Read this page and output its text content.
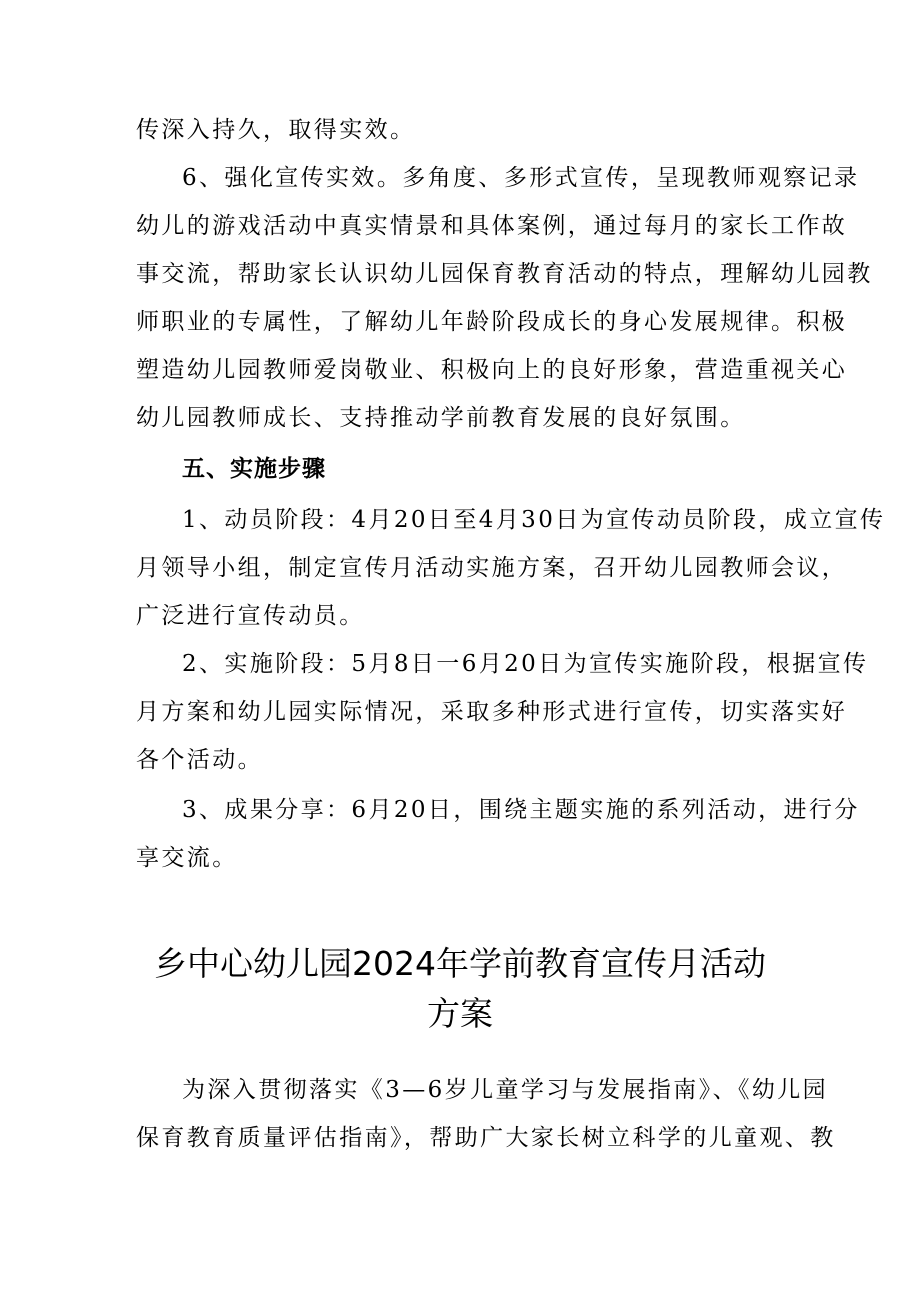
传深入持久，取得实效。
6、强化宣传实效。多角度、多形式宣传，呈现教师观察记录
幼儿的游戏活动中真实情景和具体案例，通过每月的家长工作故
事交流，帮助家长认识幼儿园保育教育活动的特点，理解幼儿园教
师职业的专属性，了解幼儿年龄阶段成长的身心发展规律。积极
塑造幼儿园教师爱岗敬业、积极向上的良好形象，营造重视关心
幼儿园教师成长、支持推动学前教育发展的良好氛围。
五、实施步骤
1、动员阶段：4月20日至4月30日为宣传动员阶段，成立宣传
月领导小组，制定宣传月活动实施方案，召开幼儿园教师会议，
广泛进行宣传动员。
2、实施阶段：5月8日一6月20日为宣传实施阶段，根据宣传
月方案和幼儿园实际情况，采取多种形式进行宣传，切实落实好
各个活动。
3、成果分享：6月20日，围绕主题实施的系列活动，进行分
享交流。
乡中心幼儿园2024年学前教育宣传月活动
方案
为深入贯彻落实《3—6岁儿童学习与发展指南》、《幼儿园
保育教育质量评估指南》，帮助广大家长树立科学的儿童观、教
